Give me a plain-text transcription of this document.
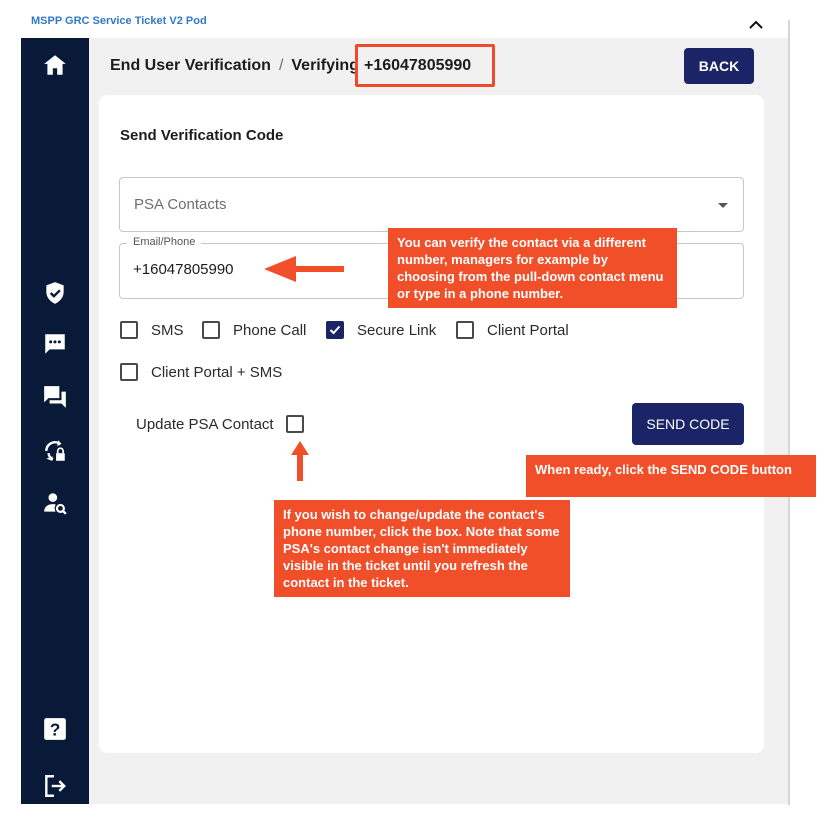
MSPP GRC Service Ticket V2 Pod
?
End User Verification / Verifying +16047805990	BACK
Send Verification Code
PSA Contacts
Email/Phone
+16047805990
SMS	Phone Call	Secure Link	Client Portal
Client Portal + SMS
Update PSA Contact	SEND CODE
You can verify the contact via a different number, managers for example by choosing from the pull-down contact menu or type in a phone number.
When ready, click the SEND CODE button
If you wish to change/update the contact's phone number, click the box. Note that some PSA's contact change isn't immediately visible in the ticket until you refresh the contact in the ticket.
